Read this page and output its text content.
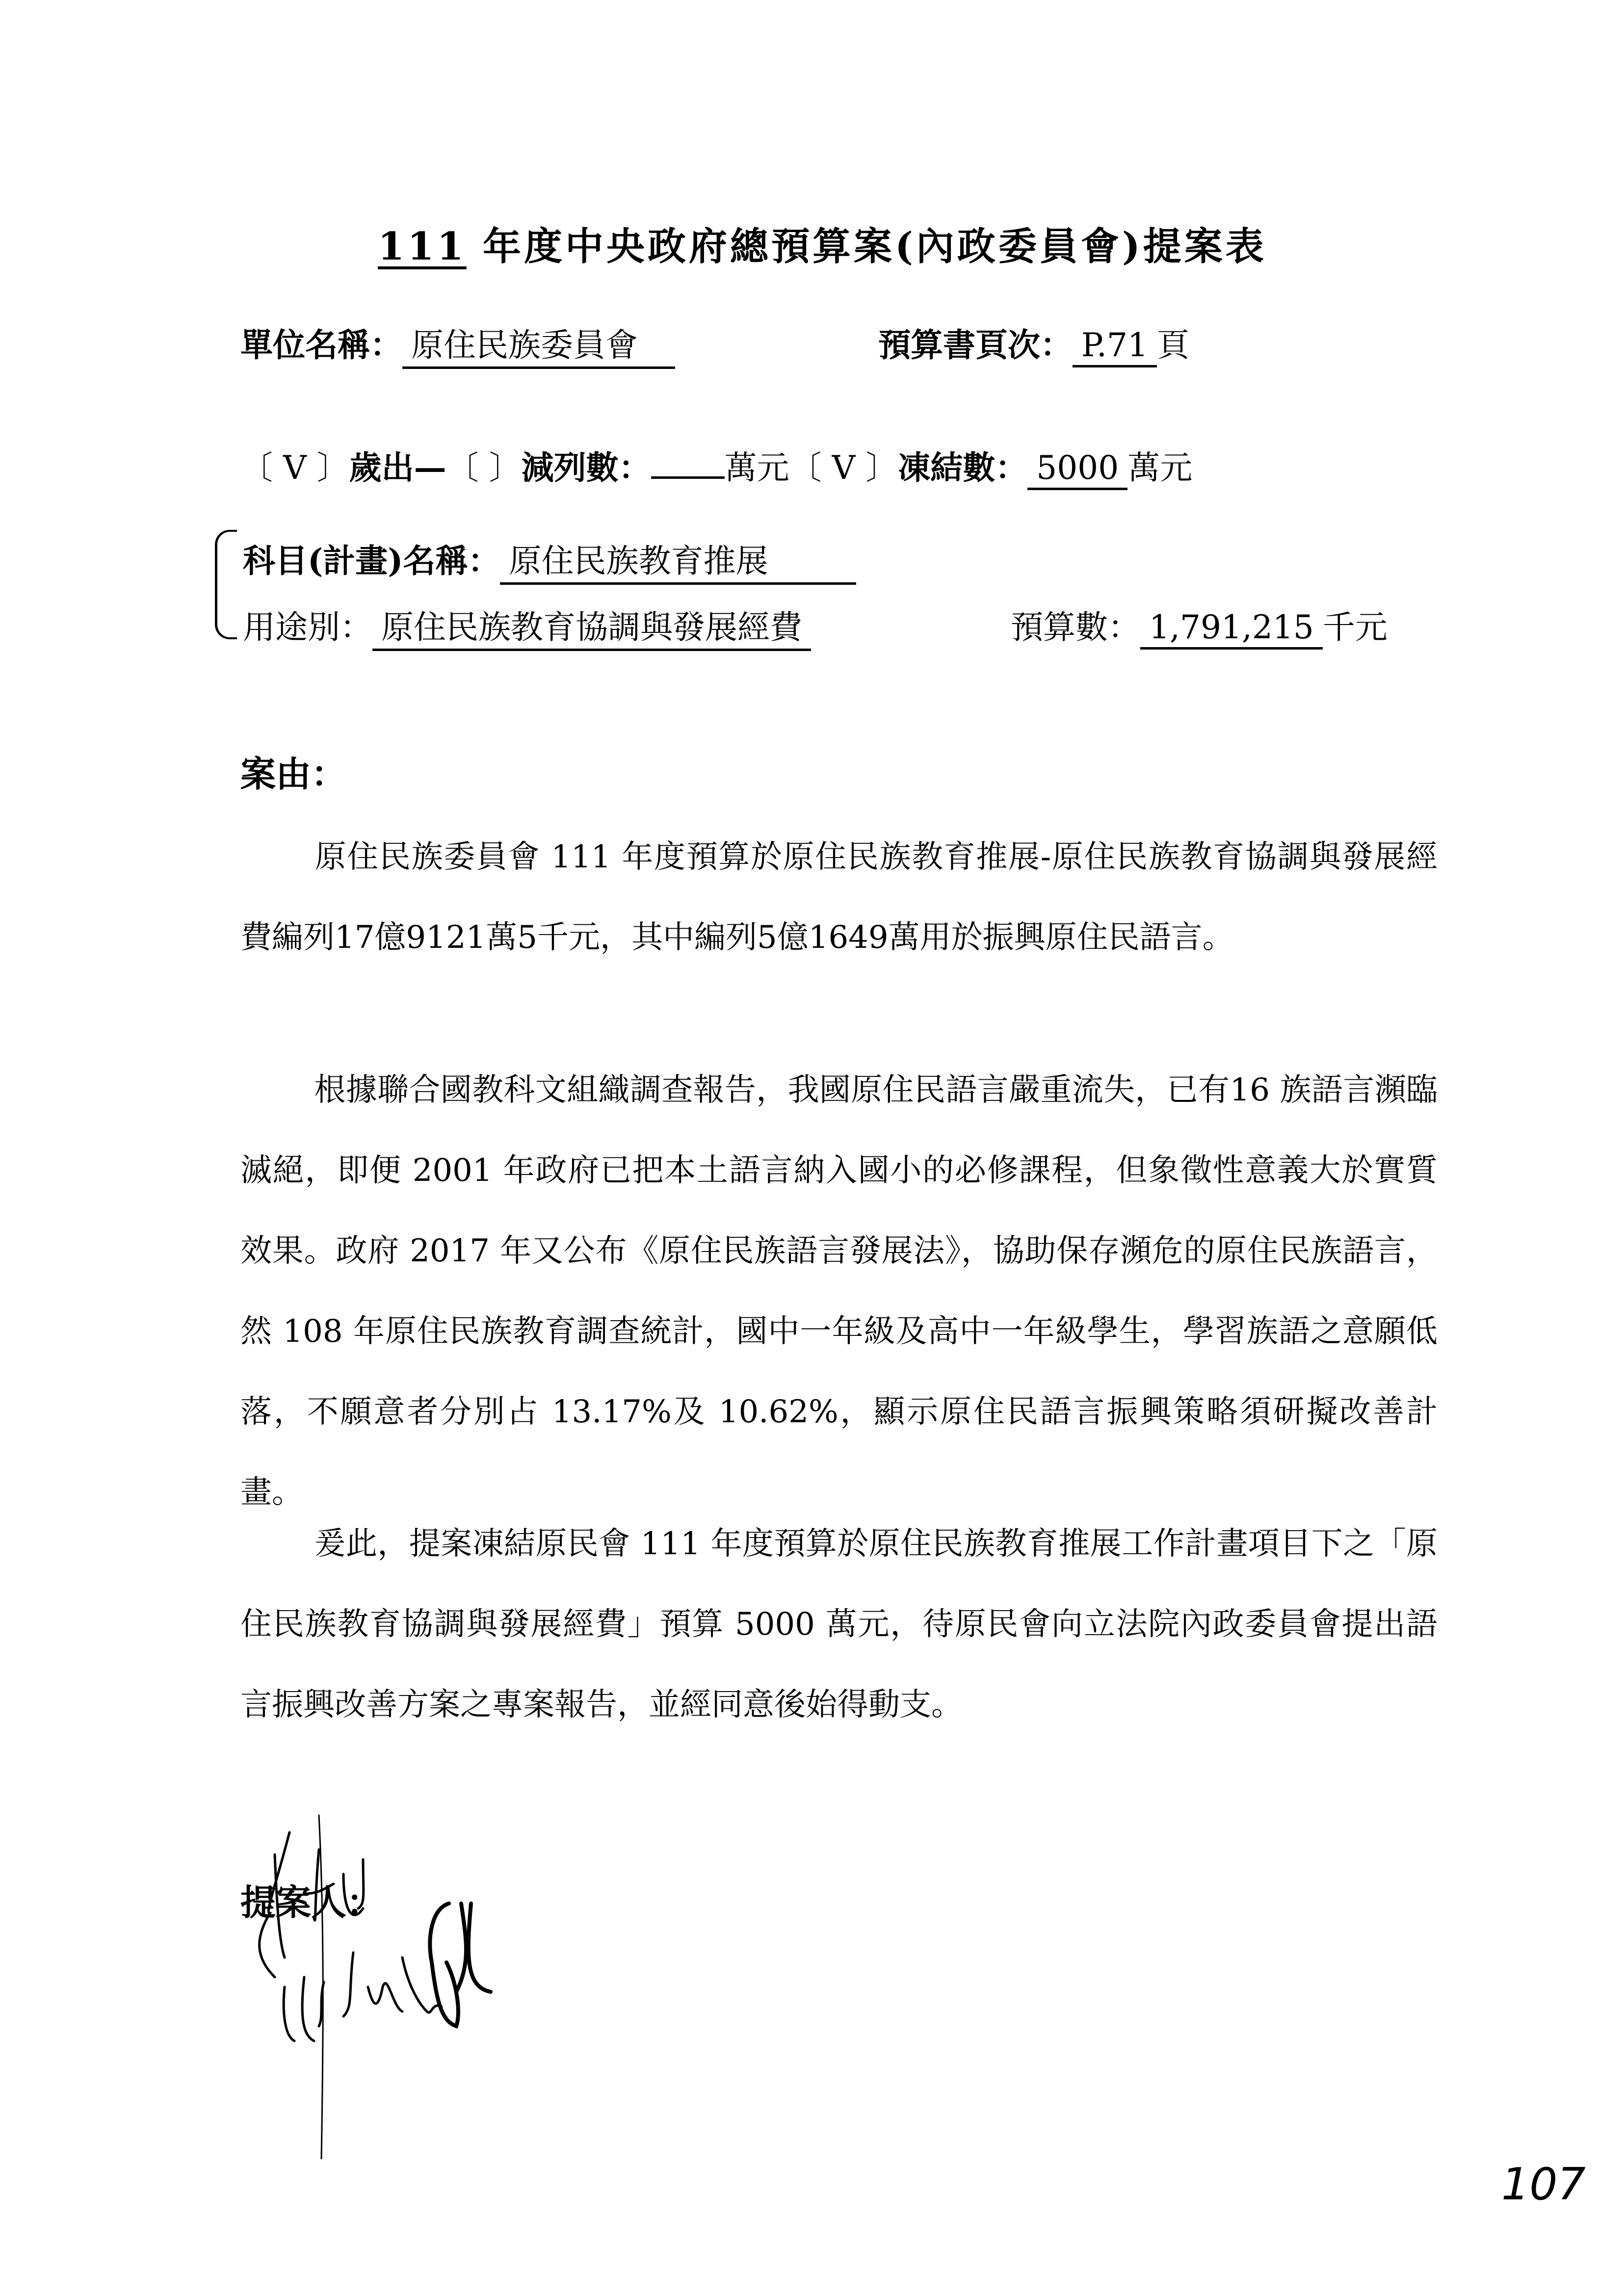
111 年度中央政府總預算案(內政委員會)提案表
單位名稱： 原住民族委員會	預算書頁次： P.71 頁
〔 V 〕歲出—〔 〕減列數： 萬元〔 V 〕凍結數： 5000 萬元
科目(計畫)名稱： 原住民族教育推展
用途別： 原住民族教育協調與發展經費	預算數： 1,791,215 千元
案由：
原住民族委員會 111 年度預算於原住民族教育推展-原住民族教育協調與發展經費編列17億9121萬5千元，其中編列5億1649萬用於振興原住民語言。
根據聯合國教科文組織調查報告，我國原住民語言嚴重流失，已有16 族語言瀕臨滅絕，即便 2001 年政府已把本土語言納入國小的必修課程，但象徵性意義大於實質效果。政府 2017 年又公布《原住民族語言發展法》，協助保存瀕危的原住民族語言，然 108 年原住民族教育調查統計，國中一年級及高中一年級學生，學習族語之意願低落，不願意者分別占 13.17%及 10.62%，顯示原住民語言振興策略須研擬改善計畫。
爰此，提案凍結原民會 111 年度預算於原住民族教育推展工作計畫項目下之「原住民族教育協調與發展經費」預算 5000 萬元，待原民會向立法院內政委員會提出語言振興改善方案之專案報告，並經同意後始得動支。
提案人：
107
